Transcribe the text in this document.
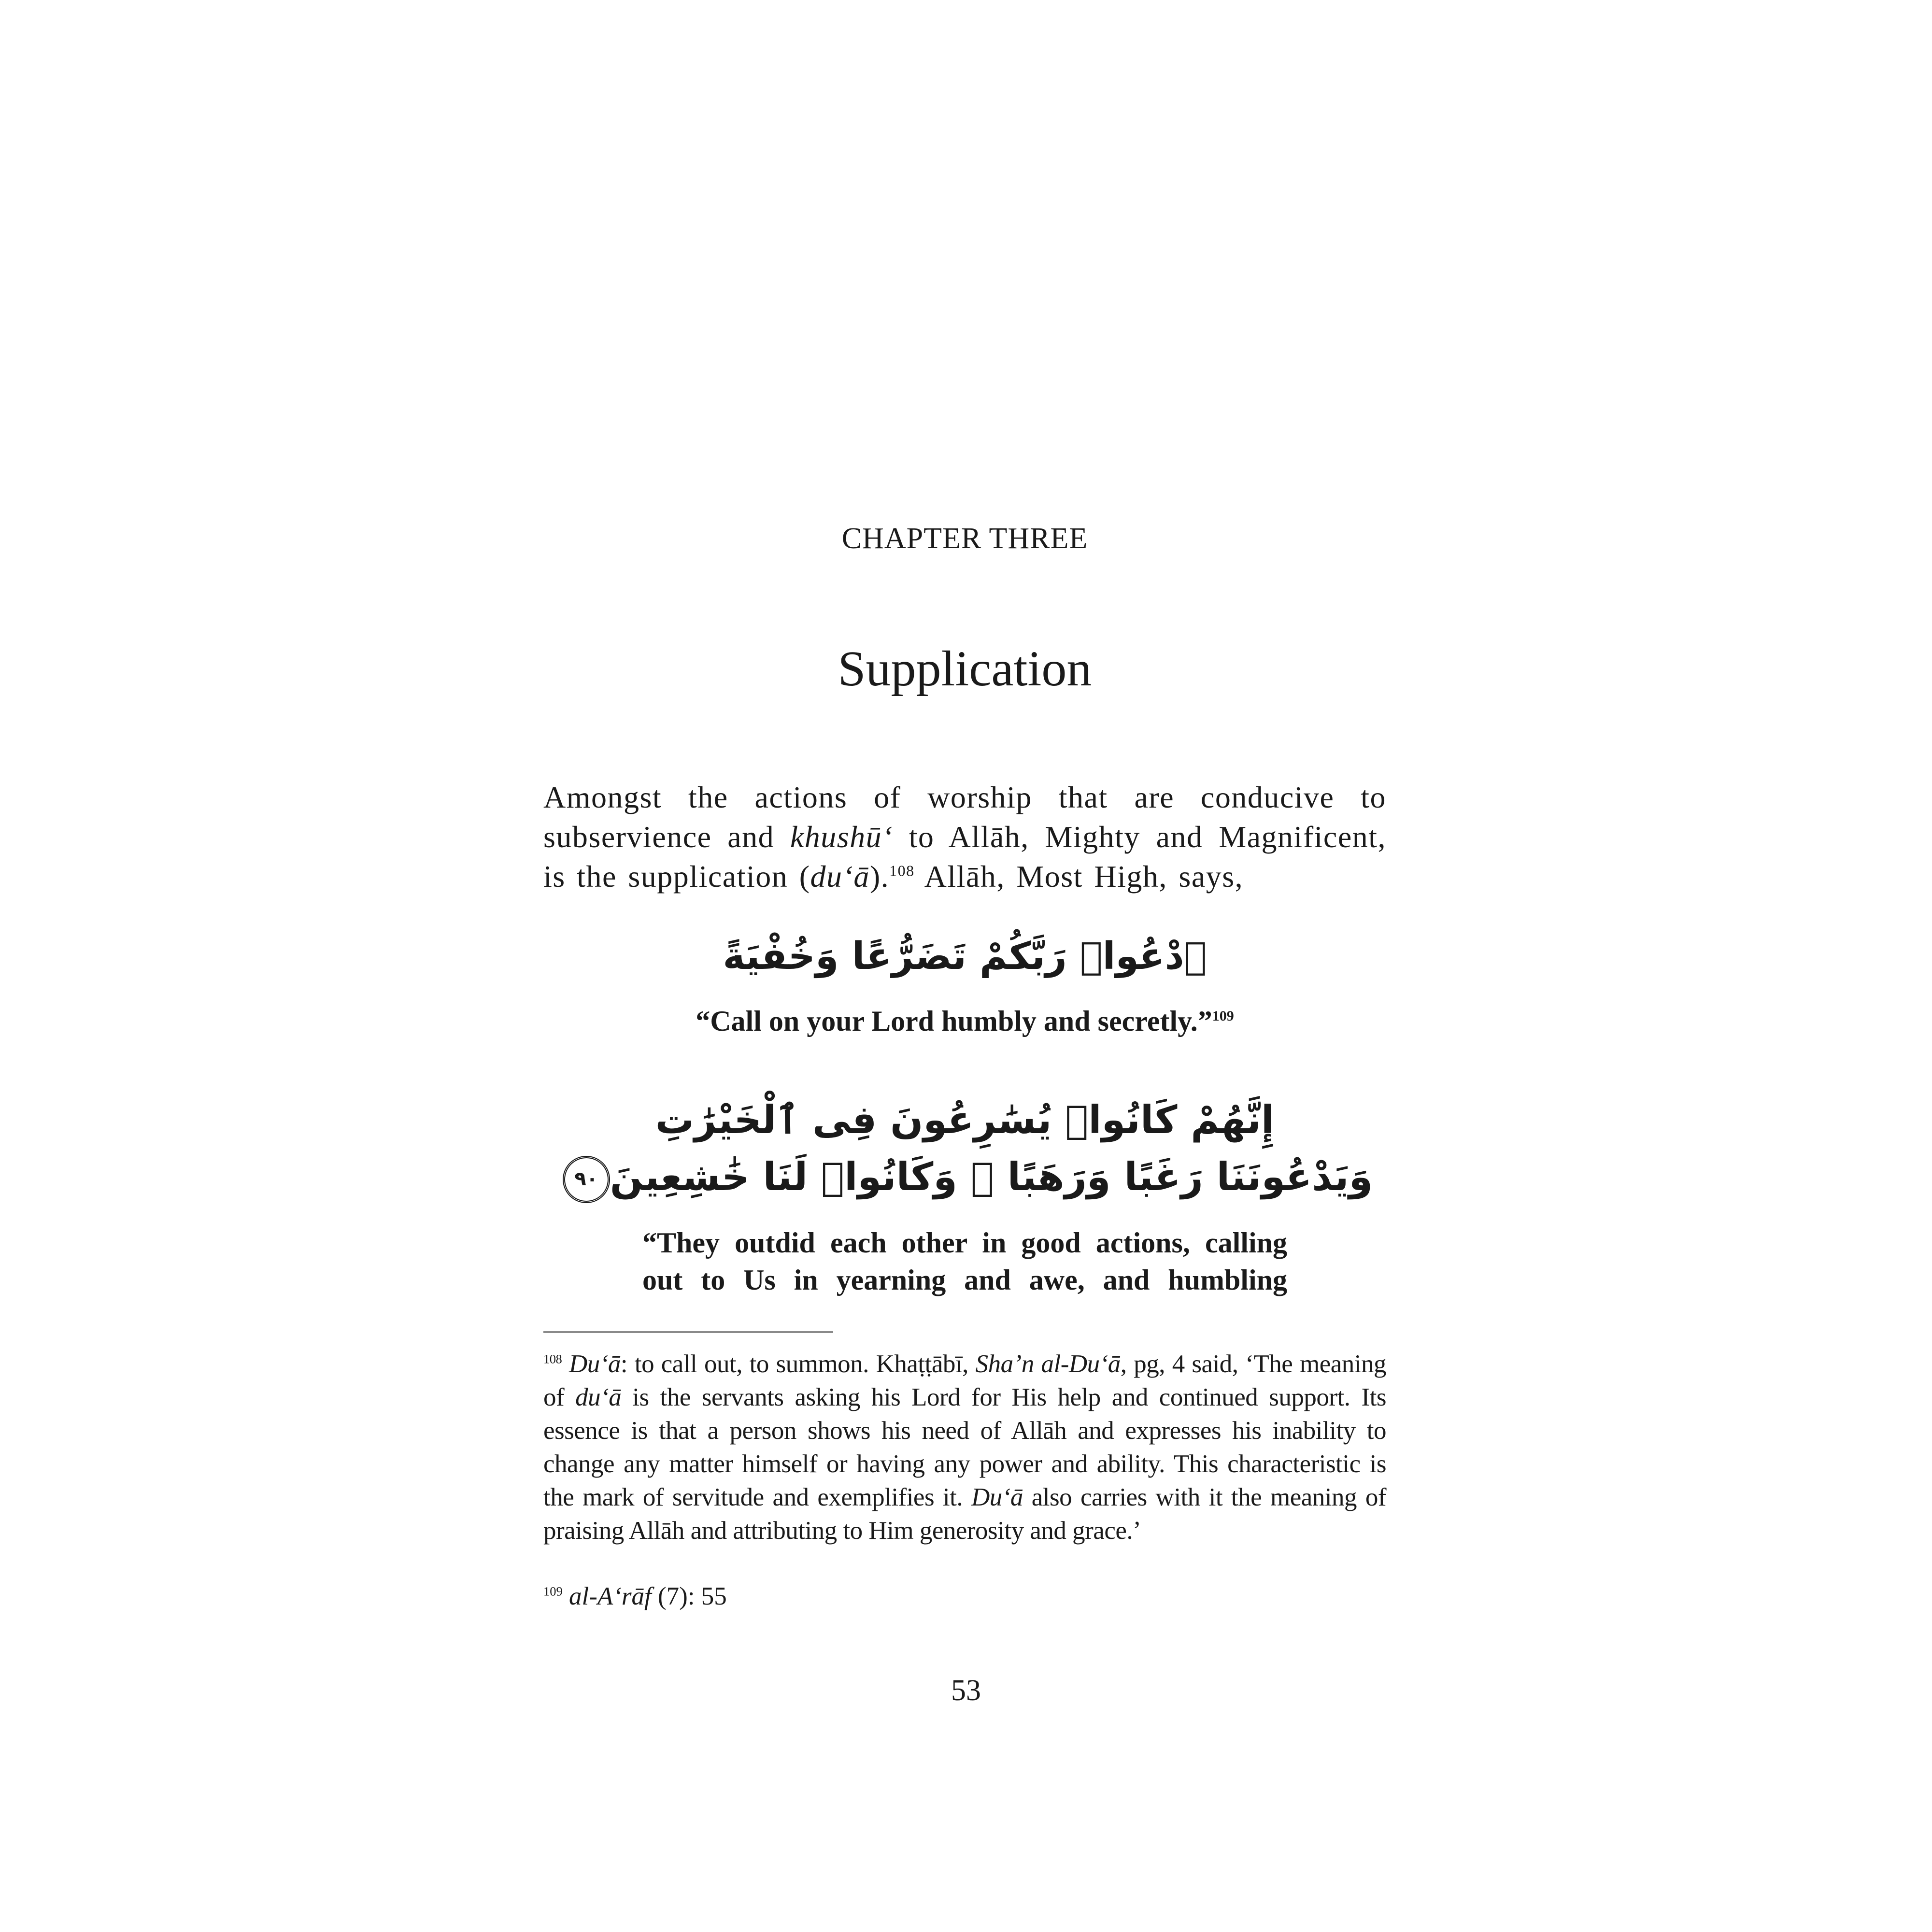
CHAPTER THREE
Supplication
Amongst the actions of worship that are conducive to subservience and khushū‘ to Allāh, Mighty and Magnificent, is the supplication (du‘ā).$^{108}$ Allāh, Most High, says,
ٱدْعُوا۟ رَبَّكُمْ تَضَرُّعًا وَخُفْيَةً
“Call on your Lord humbly and secretly.”$^{109}$
إِنَّهُمْ كَانُوا۟ يُسَٰرِعُونَ فِى ٱلْخَيْرَٰتِ
وَيَدْعُونَنَا رَغَبًا وَرَهَبًا ۖ وَكَانُوا۟ لَنَا خَٰشِعِينَ٩٠
“They outdid each other in good actions, calling out to Us in yearning and awe, and humbling
$^{108}$ Du‘ā: to call out, to summon. Khaṭṭābī, Sha’n al-Du‘ā, pg, 4 said, ‘The meaning of du‘ā is the servants asking his Lord for His help and continued support. Its essence is that a person shows his need of Allāh and expresses his inability to change any matter himself or having any power and ability. This characteristic is the mark of servitude and exemplifies it. Du‘ā also carries with it the meaning of praising Allāh and attributing to Him generosity and grace.’
$^{109}$ al-A‘rāf (7): 55
53
